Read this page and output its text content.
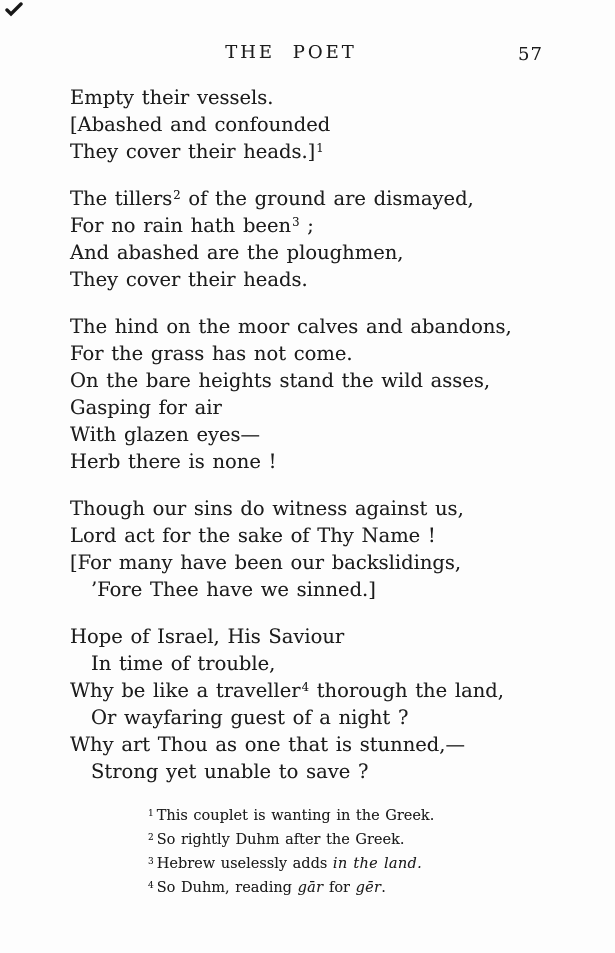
THE POET	57
Empty their vessels.
[Abashed and confounded
They cover their heads.]$^1$
The tillers$^2$ of the ground are dismayed,
For no rain hath been$^3$ ;
And abashed are the ploughmen,
They cover their heads.
The hind on the moor calves and abandons,
For the grass has not come.
On the bare heights stand the wild asses,
Gasping for air
With glazen eyes—
Herb there is none !
Though our sins do witness against us,
Lord act for the sake of Thy Name !
[For many have been our backslidings,
’Fore Thee have we sinned.]
Hope of Israel, His Saviour
In time of trouble,
Why be like a traveller$^4$ thorough the land,
Or wayfaring guest of a night ?
Why art Thou as one that is stunned,—
Strong yet unable to save ?
$^1$ This couplet is wanting in the Greek.
$^2$ So rightly Duhm after the Greek.
$^3$ Hebrew uselessly adds in the land.
$^4$ So Duhm, reading gār for gēr.
